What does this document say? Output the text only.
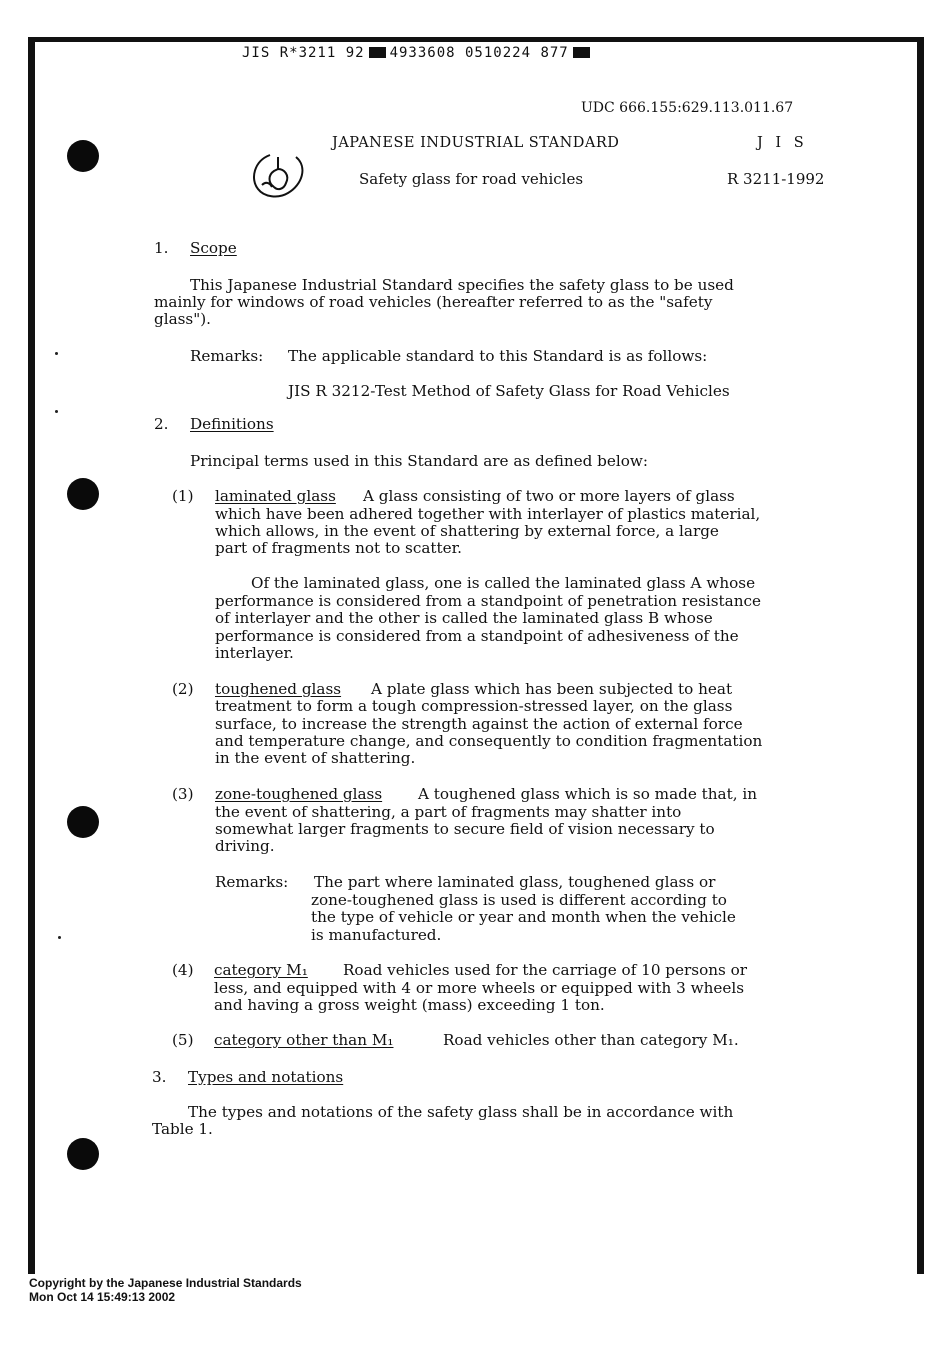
JIS R*3211 92 4933608 0510224 877
UDC 666.155:629.113.011.67
JAPANESE INDUSTRIAL STANDARD	J I S
Safety glass for road vehicles	R 3211-1992
1. Scope
This Japanese Industrial Standard specifies the safety glass to be used
mainly for windows of road vehicles (hereafter referred to as the "safety
glass").
Remarks: The applicable standard to this Standard is as follows:
JIS R 3212-Test Method of Safety Glass for Road Vehicles
2. Definitions
Principal terms used in this Standard are as defined below:
(1) laminated glass A glass consisting of two or more layers of glass
which have been adhered together with interlayer of plastics material,
which allows, in the event of shattering by external force, a large
part of fragments not to scatter.
Of the laminated glass, one is called the laminated glass A whose
performance is considered from a standpoint of penetration resistance
of interlayer and the other is called the laminated glass B whose
performance is considered from a standpoint of adhesiveness of the
interlayer.
(2) toughened glass A plate glass which has been subjected to heat
treatment to form a tough compression-stressed layer, on the glass
surface, to increase the strength against the action of external force
and temperature change, and consequently to condition fragmentation
in the event of shattering.
(3) zone-toughened glass A toughened glass which is so made that, in
the event of shattering, a part of fragments may shatter into
somewhat larger fragments to secure field of vision necessary to
driving.
Remarks: The part where laminated glass, toughened glass or
zone-toughened glass is used is different according to
the type of vehicle or year and month when the vehicle
is manufactured.
(4) category M₁ Road vehicles used for the carriage of 10 persons or
less, and equipped with 4 or more wheels or equipped with 3 wheels
and having a gross weight (mass) exceeding 1 ton.
(5) category other than M₁	Road vehicles other than category M₁.
3. Types and notations
The types and notations of the safety glass shall be in accordance with
Table 1.
Copyright by the Japanese Industrial Standards
Mon Oct 14 15:49:13 2002
